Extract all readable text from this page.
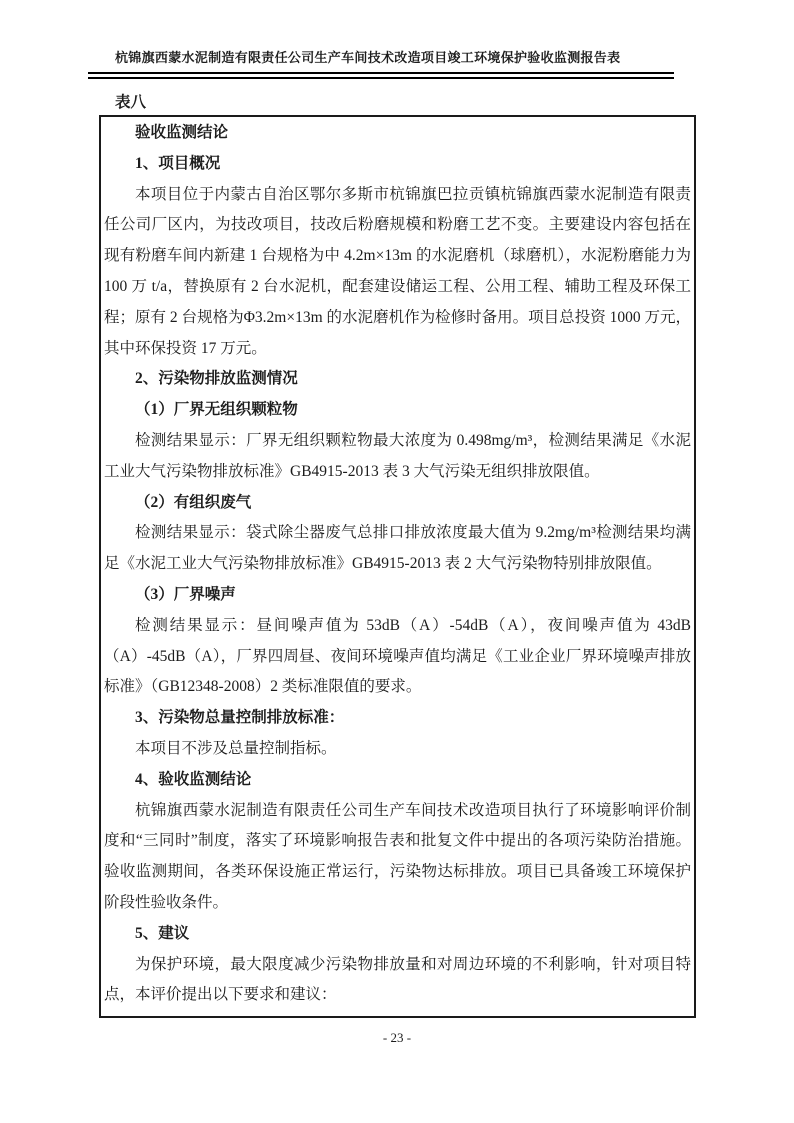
杭锦旗西蒙水泥制造有限责任公司生产车间技术改造项目竣工环境保护验收监测报告表
表八

验收监测结论

1、项目概况

本项目位于内蒙古自治区鄂尔多斯市杭锦旗巴拉贡镇杭锦旗西蒙水泥制造有限责任公司厂区内，为技改项目，技改后粉磨规模和粉磨工艺不变。主要建设内容包括在现有粉磨车间内新建 1 台规格为中 4.2m×13m 的水泥磨机（球磨机），水泥粉磨能力为 100 万 t/a，替换原有 2 台水泥机，配套建设储运工程、公用工程、辅助工程及环保工程；原有 2 台规格为Φ3.2m×13m 的水泥磨机作为检修时备用。项目总投资 1000 万元，其中环保投资 17 万元。

2、污染物排放监测情况

（1）厂界无组织颗粒物

检测结果显示：厂界无组织颗粒物最大浓度为 0.498mg/m³，检测结果满足《水泥工业大气污染物排放标准》GB4915-2013 表 3 大气污染无组织排放限值。

（2）有组织废气

检测结果显示：袋式除尘器废气总排口排放浓度最大值为 9.2mg/m³检测结果均满足《水泥工业大气污染物排放标准》GB4915-2013 表 2 大气污染物特别排放限值。

（3）厂界噪声

检测结果显示：昼间噪声值为 53dB（A）-54dB（A），夜间噪声值为 43dB（A）-45dB（A），厂界四周昼、夜间环境噪声值均满足《工业企业厂界环境噪声排放标准》（GB12348-2008）2 类标准限值的要求。

3、污染物总量控制排放标准：

本项目不涉及总量控制指标。

4、验收监测结论

杭锦旗西蒙水泥制造有限责任公司生产车间技术改造项目执行了环境影响评价制度和“三同时”制度，落实了环境影响报告表和批复文件中提出的各项污染防治措施。验收监测期间，各类环保设施正常运行，污染物达标排放。项目已具备竣工环境保护阶段性验收条件。

5、建议

为保护环境，最大限度减少污染物排放量和对周边环境的不利影响，针对项目特点，本评价提出以下要求和建议：

- 23 -
